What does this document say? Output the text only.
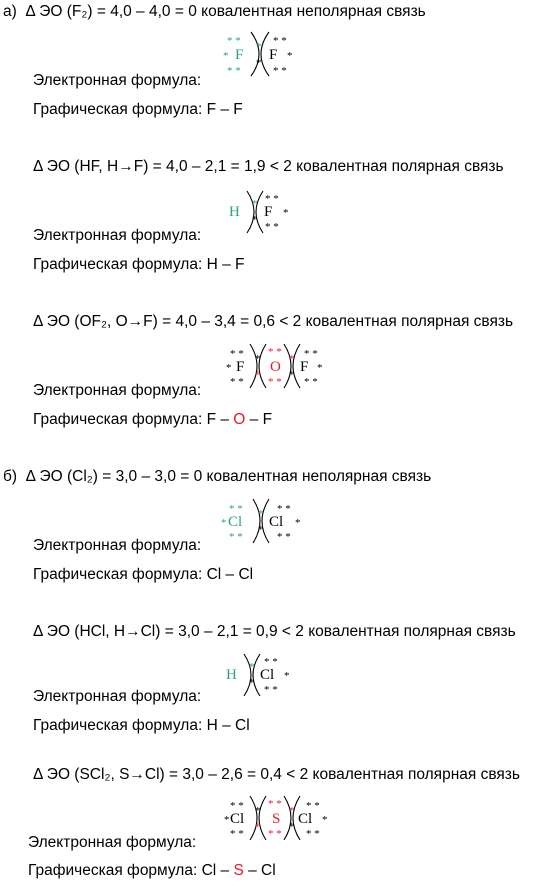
а) Δ ЭО (F₂) = 4,0 – 4,0 = 0 ковалентная неполярная связь
* *
*
* *
F *
* F
* *
*
* *
Электронная формула:
Графическая формула: F – F
Δ ЭО (HF, H→F) = 4,0 – 2,1 = 1,9 < 2 ковалентная полярная связь
H *
* F
* *
*
* *
Электронная формула:
Графическая формула: H – F
Δ ЭО (OF₂, O→F) = 4,0 – 3,4 = 0,6 < 2 ковалентная полярная связь
* *
*
* *
F *
*
* *
O
* *
*
* F
* *
*
* *
Электронная формула:
Графическая формула: F – O – F
б) Δ ЭО (Cl₂) = 3,0 – 3,0 = 0 ковалентная неполярная связь
* *
*
* *
Cl *
* Cl
* *
*
* *
Электронная формула:
Графическая формула: Cl – Cl
Δ ЭО (HCl, H→Cl) = 3,0 – 2,1 = 0,9 < 2 ковалентная полярная связь
H *
* Cl
* *
*
* *
Электронная формула:
Графическая формула: H – Cl
Δ ЭО (SCl₂, S→Cl) = 3,0 – 2,6 = 0,4 < 2 ковалентная полярная связь
* *
*
* *
Cl *
*
* *
S
* *
*
* Cl
* *
*
* *
Электронная формула:
Графическая формула: Cl – S – Cl
